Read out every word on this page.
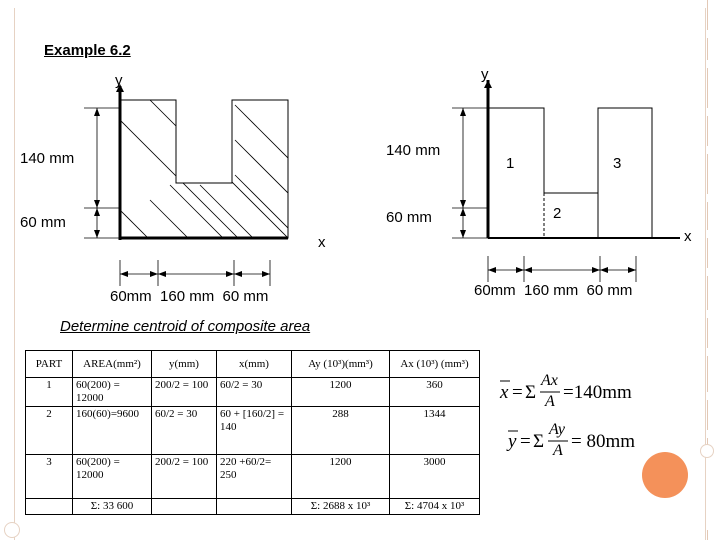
Example 6.2
y
140 mm
60 mm
x
60mm  160 mm  60 mm
y
140 mm
60 mm
1
2
3
x
60mm  160 mm  60 mm
Determine centroid of composite area
PART	AREA(mm²)	y(mm)	x(mm)	Ay (10³)(mm³)	Ax (10³) (mm³)
1	60(200) = 12000	200/2 = 100	60/2 = 30	1200	360
2	160(60)=9600	60/2 = 30	60 + [160/2] = 140	288	1344
3	60(200) = 12000	200/2 = 100	220 +60/2= 250	1200	3000
	Σ: 33 600			Σ: 2688 x 10³	Σ: 4704 x 10³
x = Σ
Ax
A =140mm
y = Σ
Ay
A = 80mm
